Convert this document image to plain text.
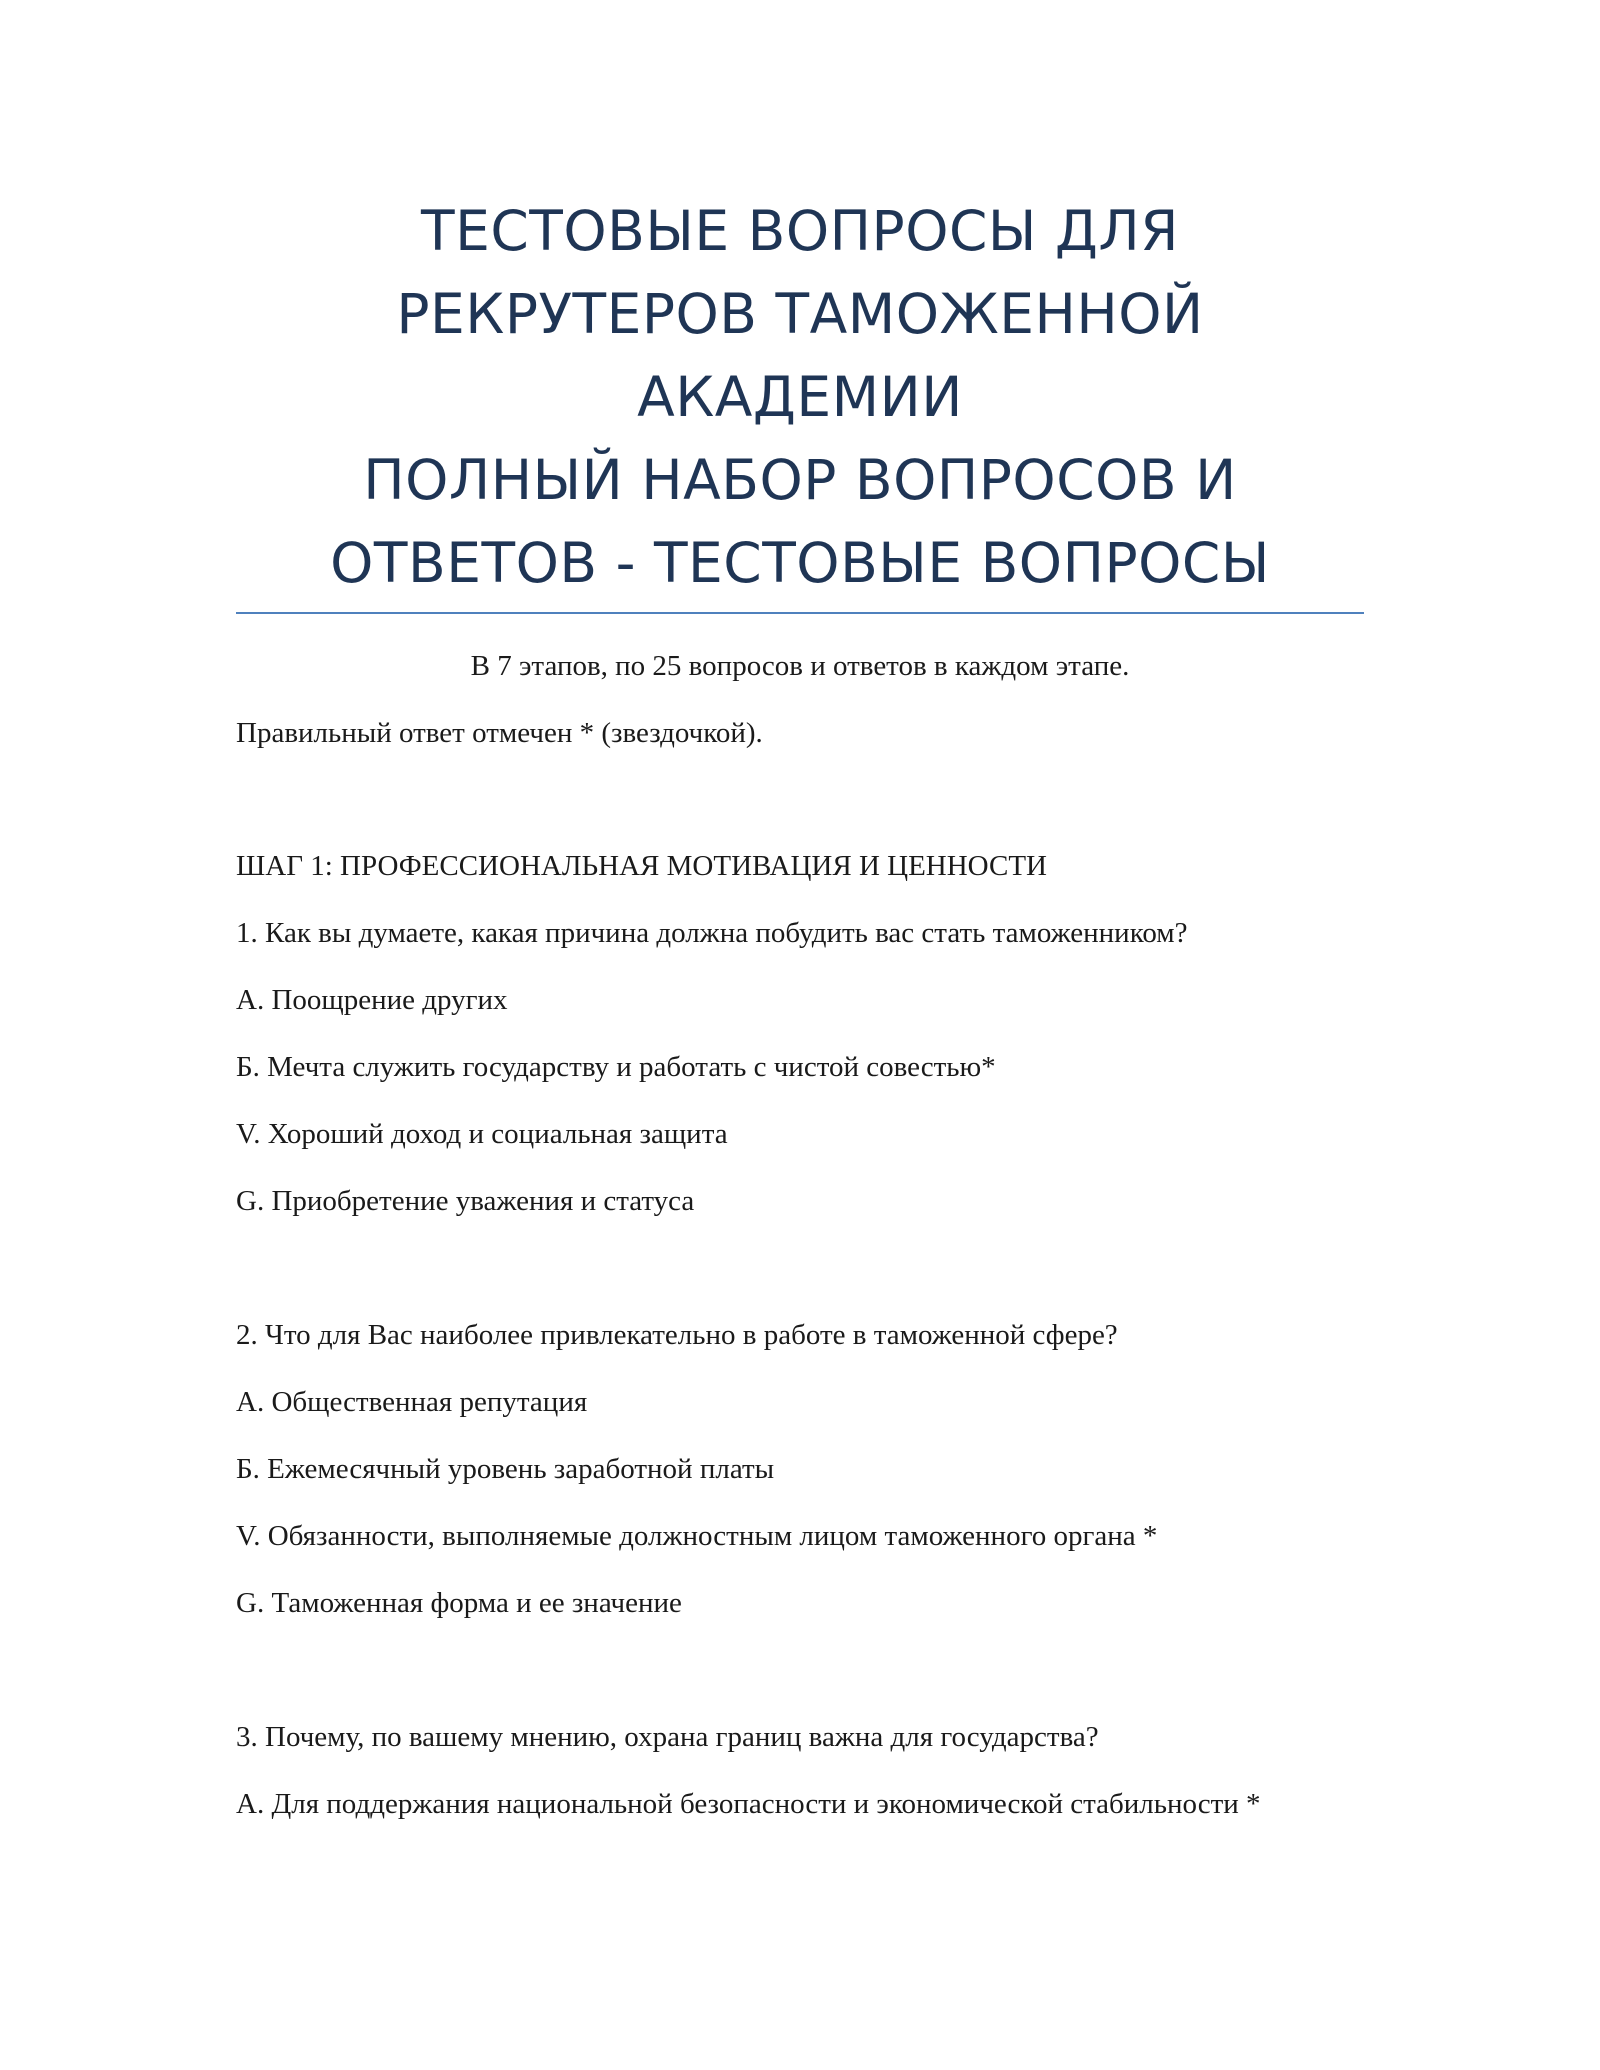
ТЕСТОВЫЕ ВОПРОСЫ ДЛЯ
РЕКРУТЕРОВ ТАМОЖЕННОЙ
АКАДЕМИИ
ПОЛНЫЙ НАБОР ВОПРОСОВ И
ОТВЕТОВ - ТЕСТОВЫЕ ВОПРОСЫ
В 7 этапов, по 25 вопросов и ответов в каждом этапе.
Правильный ответ отмечен * (звездочкой).
ШАГ 1: ПРОФЕССИОНАЛЬНАЯ МОТИВАЦИЯ И ЦЕННОСТИ
1. Как вы думаете, какая причина должна побудить вас стать таможенником?
А. Поощрение других
Б. Мечта служить государству и работать с чистой совестью*
V. Хороший доход и социальная защита
G. Приобретение уважения и статуса
2. Что для Вас наиболее привлекательно в работе в таможенной сфере?
А. Общественная репутация
Б. Ежемесячный уровень заработной платы
V. Обязанности, выполняемые должностным лицом таможенного органа *
G. Таможенная форма и ее значение
3. Почему, по вашему мнению, охрана границ важна для государства?
А. Для поддержания национальной безопасности и экономической стабильности *
